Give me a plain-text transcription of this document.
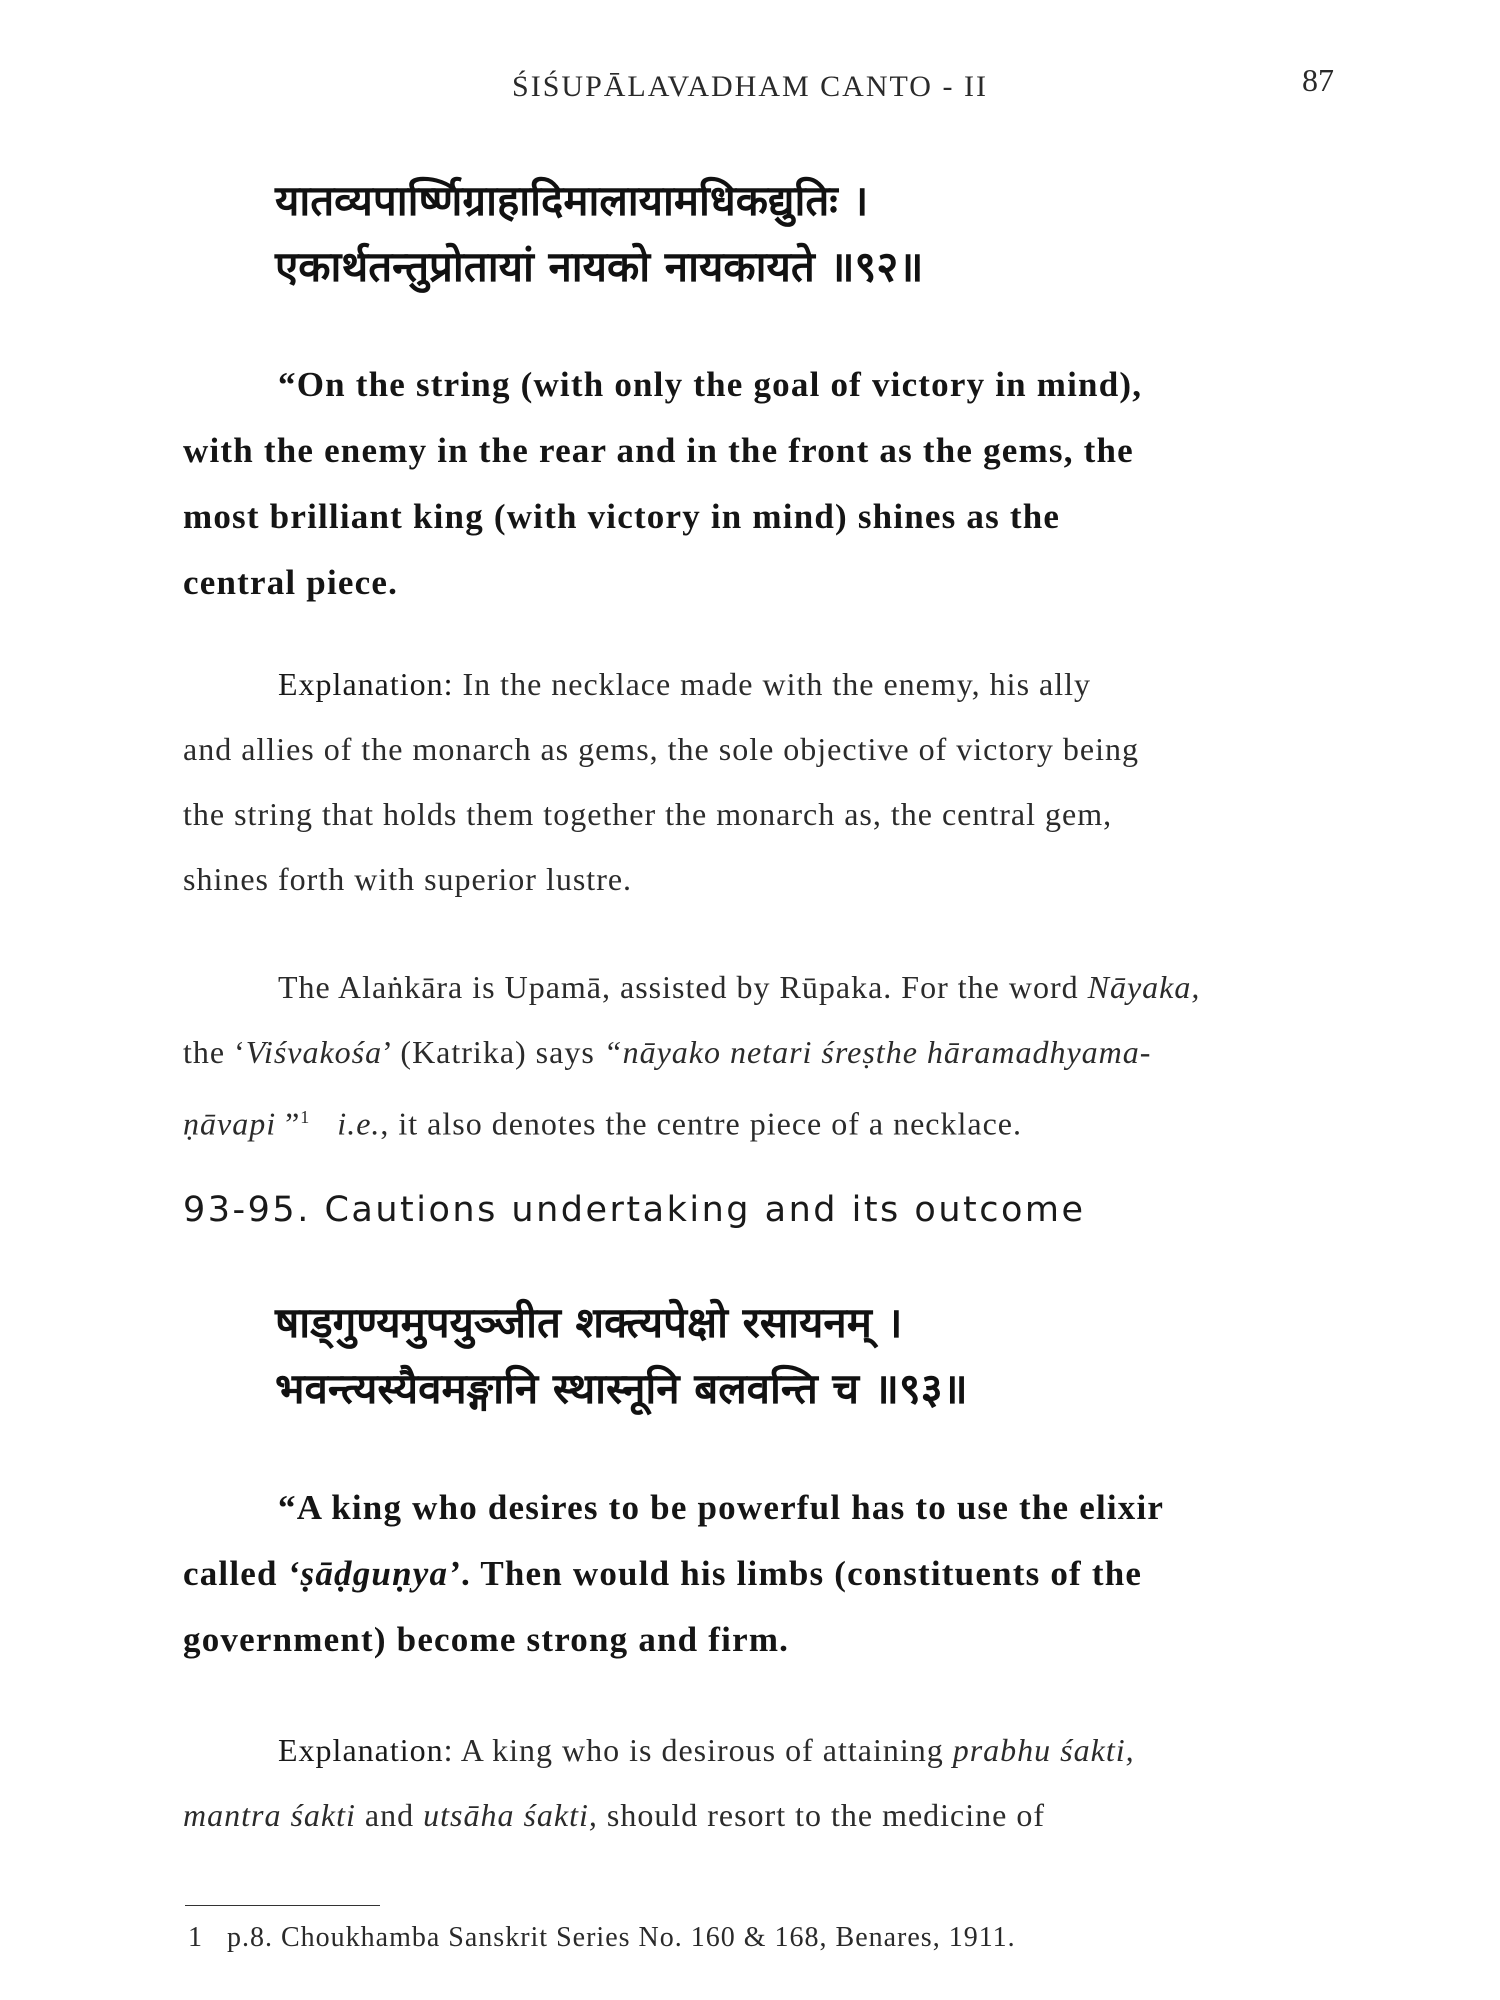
ŚIŚUPĀLAVADHAM CANTO - II	87
यातव्यपार्ष्णिग्राहादिमालायामधिकद्युतिः ।
एकार्थतन्तुप्रोतायां नायको नायकायते ॥९२॥

“On the string (with only the goal of victory in mind),

with the enemy in the rear and in the front as the gems, the

most brilliant king (with victory in mind) shines as the

central piece.

Explanation: In the necklace made with the enemy, his ally

and allies of the monarch as gems, the sole objective of victory being

the string that holds them together the monarch as, the central gem,

shines forth with superior lustre.

The Alaṅkāra is Upamā, assisted by Rūpaka. For the word Nāyaka,

the ‘Viśvakośa’ (Katrika) says “nāyako netari śreṣthe hāramadhyama-

ṇāvapi ”$^1$ i.e., it also denotes the centre piece of a necklace.

93-95. Cautions undertaking and its outcome
षाड्गुण्यमुपयुञ्जीत शक्त्यपेक्षो रसायनम् ।
भवन्त्यस्यैवमङ्गानि स्थास्नूनि बलवन्ति च ॥९३॥

“A king who desires to be powerful has to use the elixir

called ‘ṣāḍguṇya’. Then would his limbs (constituents of the

government) become strong and firm.

Explanation: A king who is desirous of attaining prabhu śakti,

mantra śakti and utsāha śakti, should resort to the medicine of

1 p.8. Choukhamba Sanskrit Series No. 160 & 168, Benares, 1911.
